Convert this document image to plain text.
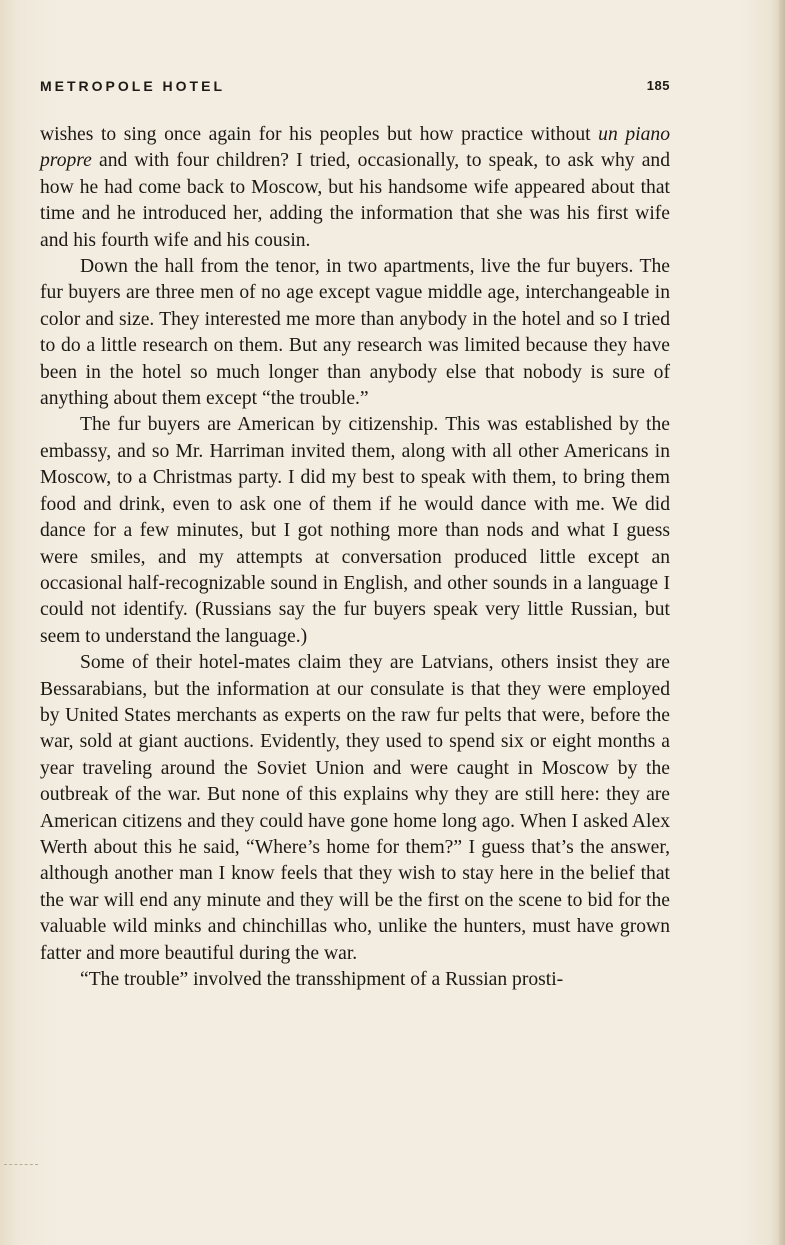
METROPOLE HOTEL	185

wishes to sing once again for his peoples but how practice without un piano propre and with four children? I tried, occasionally, to speak, to ask why and how he had come back to Moscow, but his handsome wife appeared about that time and he introduced her, adding the information that she was his first wife and his fourth wife and his cousin.

Down the hall from the tenor, in two apartments, live the fur buyers. The fur buyers are three men of no age except vague middle age, interchangeable in color and size. They interested me more than anybody in the hotel and so I tried to do a little research on them. But any research was limited because they have been in the hotel so much longer than anybody else that nobody is sure of anything about them except “the trouble.”

The fur buyers are American by citizenship. This was established by the embassy, and so Mr. Harriman invited them, along with all other Americans in Moscow, to a Christmas party. I did my best to speak with them, to bring them food and drink, even to ask one of them if he would dance with me. We did dance for a few minutes, but I got nothing more than nods and what I guess were smiles, and my attempts at conversation produced little except an occasional half-recognizable sound in English, and other sounds in a language I could not identify. (Russians say the fur buyers speak very little Russian, but seem to understand the language.)

Some of their hotel-mates claim they are Latvians, others insist they are Bessarabians, but the information at our consulate is that they were employed by United States merchants as experts on the raw fur pelts that were, before the war, sold at giant auctions. Evidently, they used to spend six or eight months a year traveling around the Soviet Union and were caught in Moscow by the outbreak of the war. But none of this explains why they are still here: they are American citizens and they could have gone home long ago. When I asked Alex Werth about this he said, “Where’s home for them?” I guess that’s the answer, although another man I know feels that they wish to stay here in the belief that the war will end any minute and they will be the first on the scene to bid for the valuable wild minks and chinchillas who, unlike the hunters, must have grown fatter and more beautiful during the war.

“The trouble” involved the transshipment of a Russian prosti-
